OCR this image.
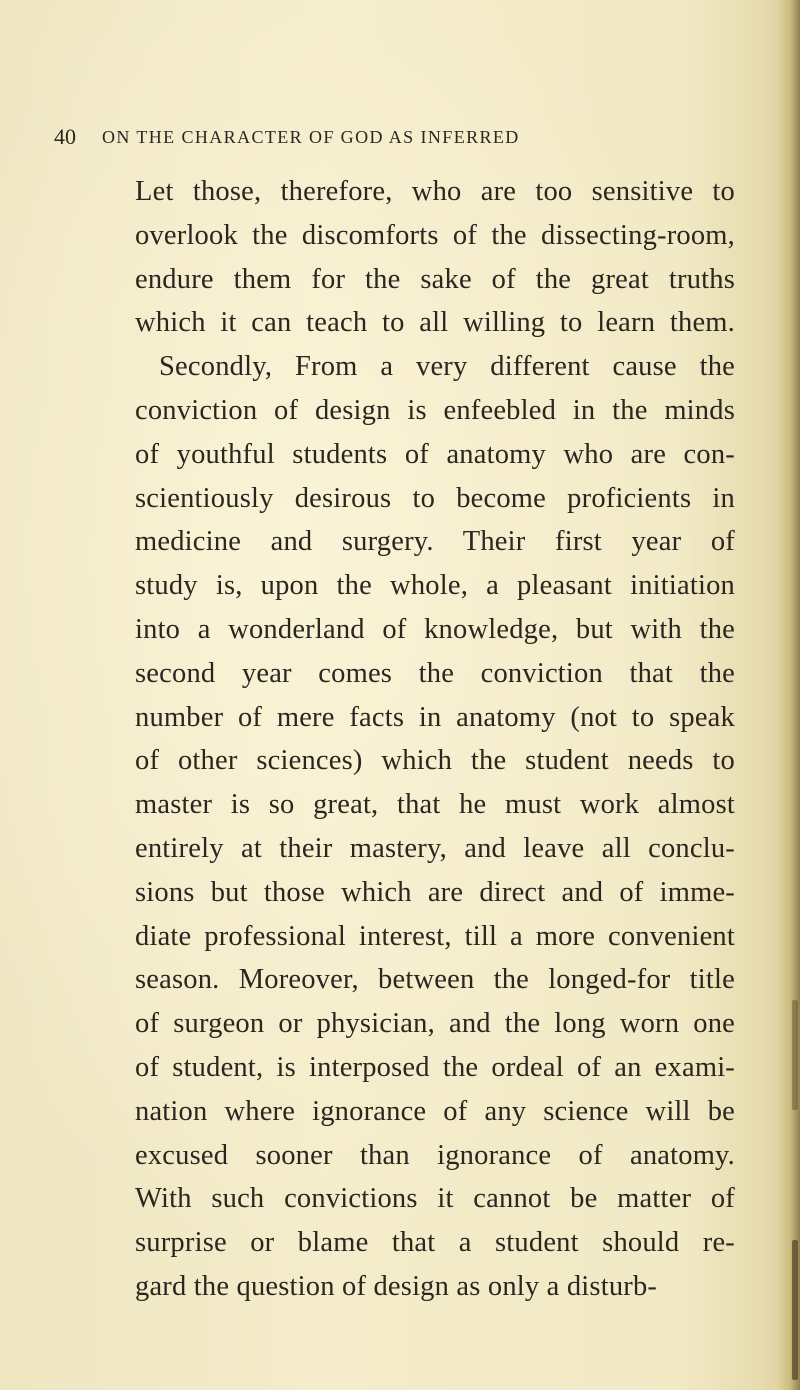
40 ON THE CHARACTER OF GOD AS INFERRED
Let those, therefore, who are too sensitive to
overlook the discomforts of the dissecting-room,
endure them for the sake of the great truths
which it can teach to all willing to learn them.
Secondly, From a very different cause the
conviction of design is enfeebled in the minds
of youthful students of anatomy who are con-
scientiously desirous to become proficients in
medicine and surgery. Their first year of
study is, upon the whole, a pleasant initiation
into a wonderland of knowledge, but with the
second year comes the conviction that the
number of mere facts in anatomy (not to speak
of other sciences) which the student needs to
master is so great, that he must work almost
entirely at their mastery, and leave all conclu-
sions but those which are direct and of imme-
diate professional interest, till a more convenient
season. Moreover, between the longed-for title
of surgeon or physician, and the long worn one
of student, is interposed the ordeal of an exami-
nation where ignorance of any science will be
excused sooner than ignorance of anatomy.
With such convictions it cannot be matter of
surprise or blame that a student should re-
gard the question of design as only a disturb-
